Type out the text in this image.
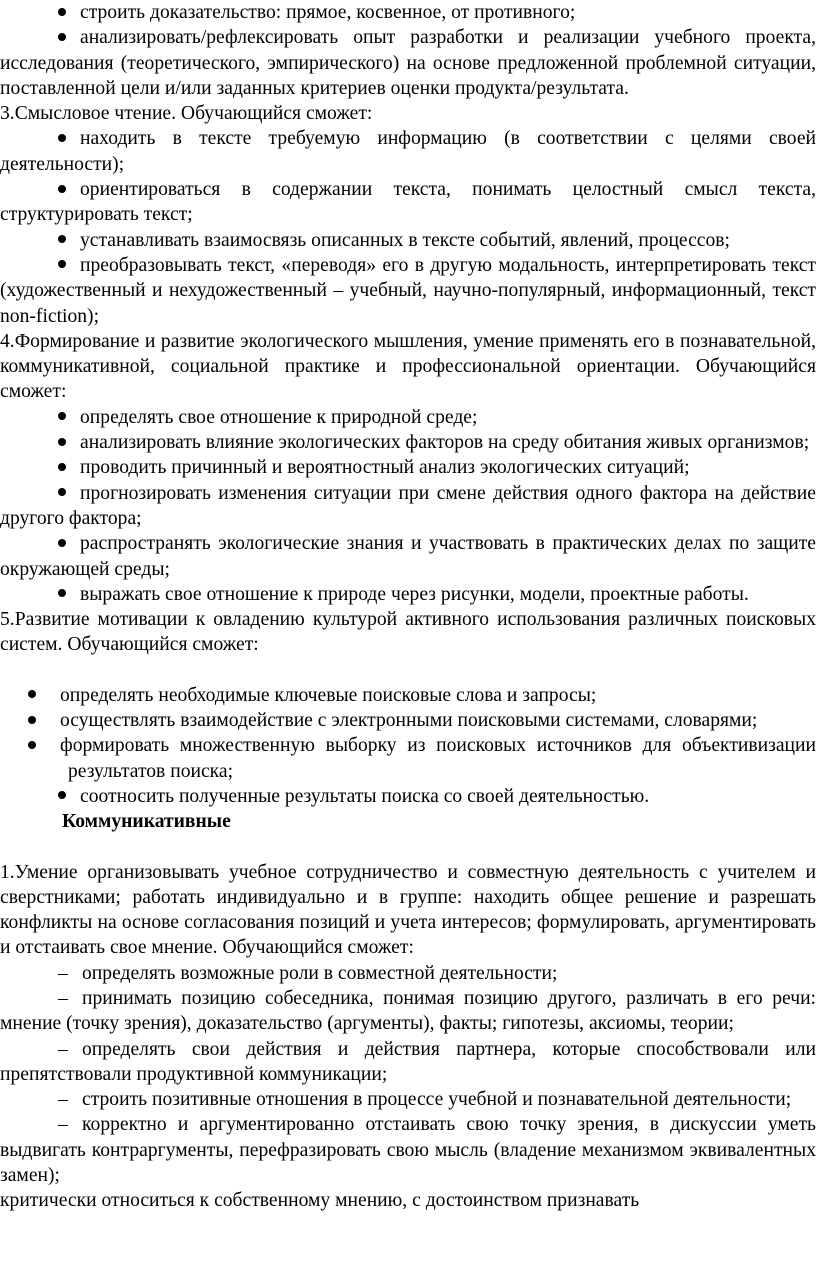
строить доказательство: прямое, косвенное, от противного;

анализировать/рефлексировать опыт разработки и реализации учебного проекта, исследования (теоретического, эмпирического) на основе предложенной проблемной ситуации, поставленной цели и/или заданных критериев оценки продукта/результата.

3.Смысловое чтение. Обучающийся сможет:

находить в тексте требуемую информацию (в соответствии с целями своей деятельности);

ориентироваться в содержании текста, понимать целостный смысл текста, структурировать текст;

устанавливать взаимосвязь описанных в тексте событий, явлений, процессов;

преобразовывать текст, «переводя» его в другую модальность, интерпретировать текст (художественный и нехудожественный – учебный, научно-популярный, информационный, текст non-fiction);

4.Формирование и развитие экологического мышления, умение применять его в познавательной, коммуникативной, социальной практике и профессиональной ориентации. Обучающийся сможет:

определять свое отношение к природной среде;

анализировать влияние экологических факторов на среду обитания живых организмов;

проводить причинный и вероятностный анализ экологических ситуаций;

прогнозировать изменения ситуации при смене действия одного фактора на действие другого фактора;

распространять экологические знания и участвовать в практических делах по защите окружающей среды;

выражать свое отношение к природе через рисунки, модели, проектные работы.

5.Развитие мотивации к овладению культурой активного использования различных поисковых систем. Обучающийся сможет:

определять необходимые ключевые поисковые слова и запросы;

осуществлять взаимодействие с электронными поисковыми системами, словарями;

формировать множественную выборку из поисковых источников для объективизации результатов поиска;

соотносить полученные результаты поиска со своей деятельностью.

Коммуникативные

1.Умение организовывать учебное сотрудничество и совместную деятельность с учителем и сверстниками; работать индивидуально и в группе: находить общее решение и разрешать конфликты на основе согласования позиций и учета интересов; формулировать, аргументировать и отстаивать свое мнение. Обучающийся сможет:

– определять возможные роли в совместной деятельности;

– принимать позицию собеседника, понимая позицию другого, различать в его речи: мнение (точку зрения), доказательство (аргументы), факты; гипотезы, аксиомы, теории;

– определять свои действия и действия партнера, которые способствовали или препятствовали продуктивной коммуникации;

– строить позитивные отношения в процессе учебной и познавательной деятельности;

– корректно и аргументированно отстаивать свою точку зрения, в дискуссии уметь выдвигать контраргументы, перефразировать свою мысль (владение механизмом эквивалентных замен);

критически относиться к собственному мнению, с достоинством признавать
